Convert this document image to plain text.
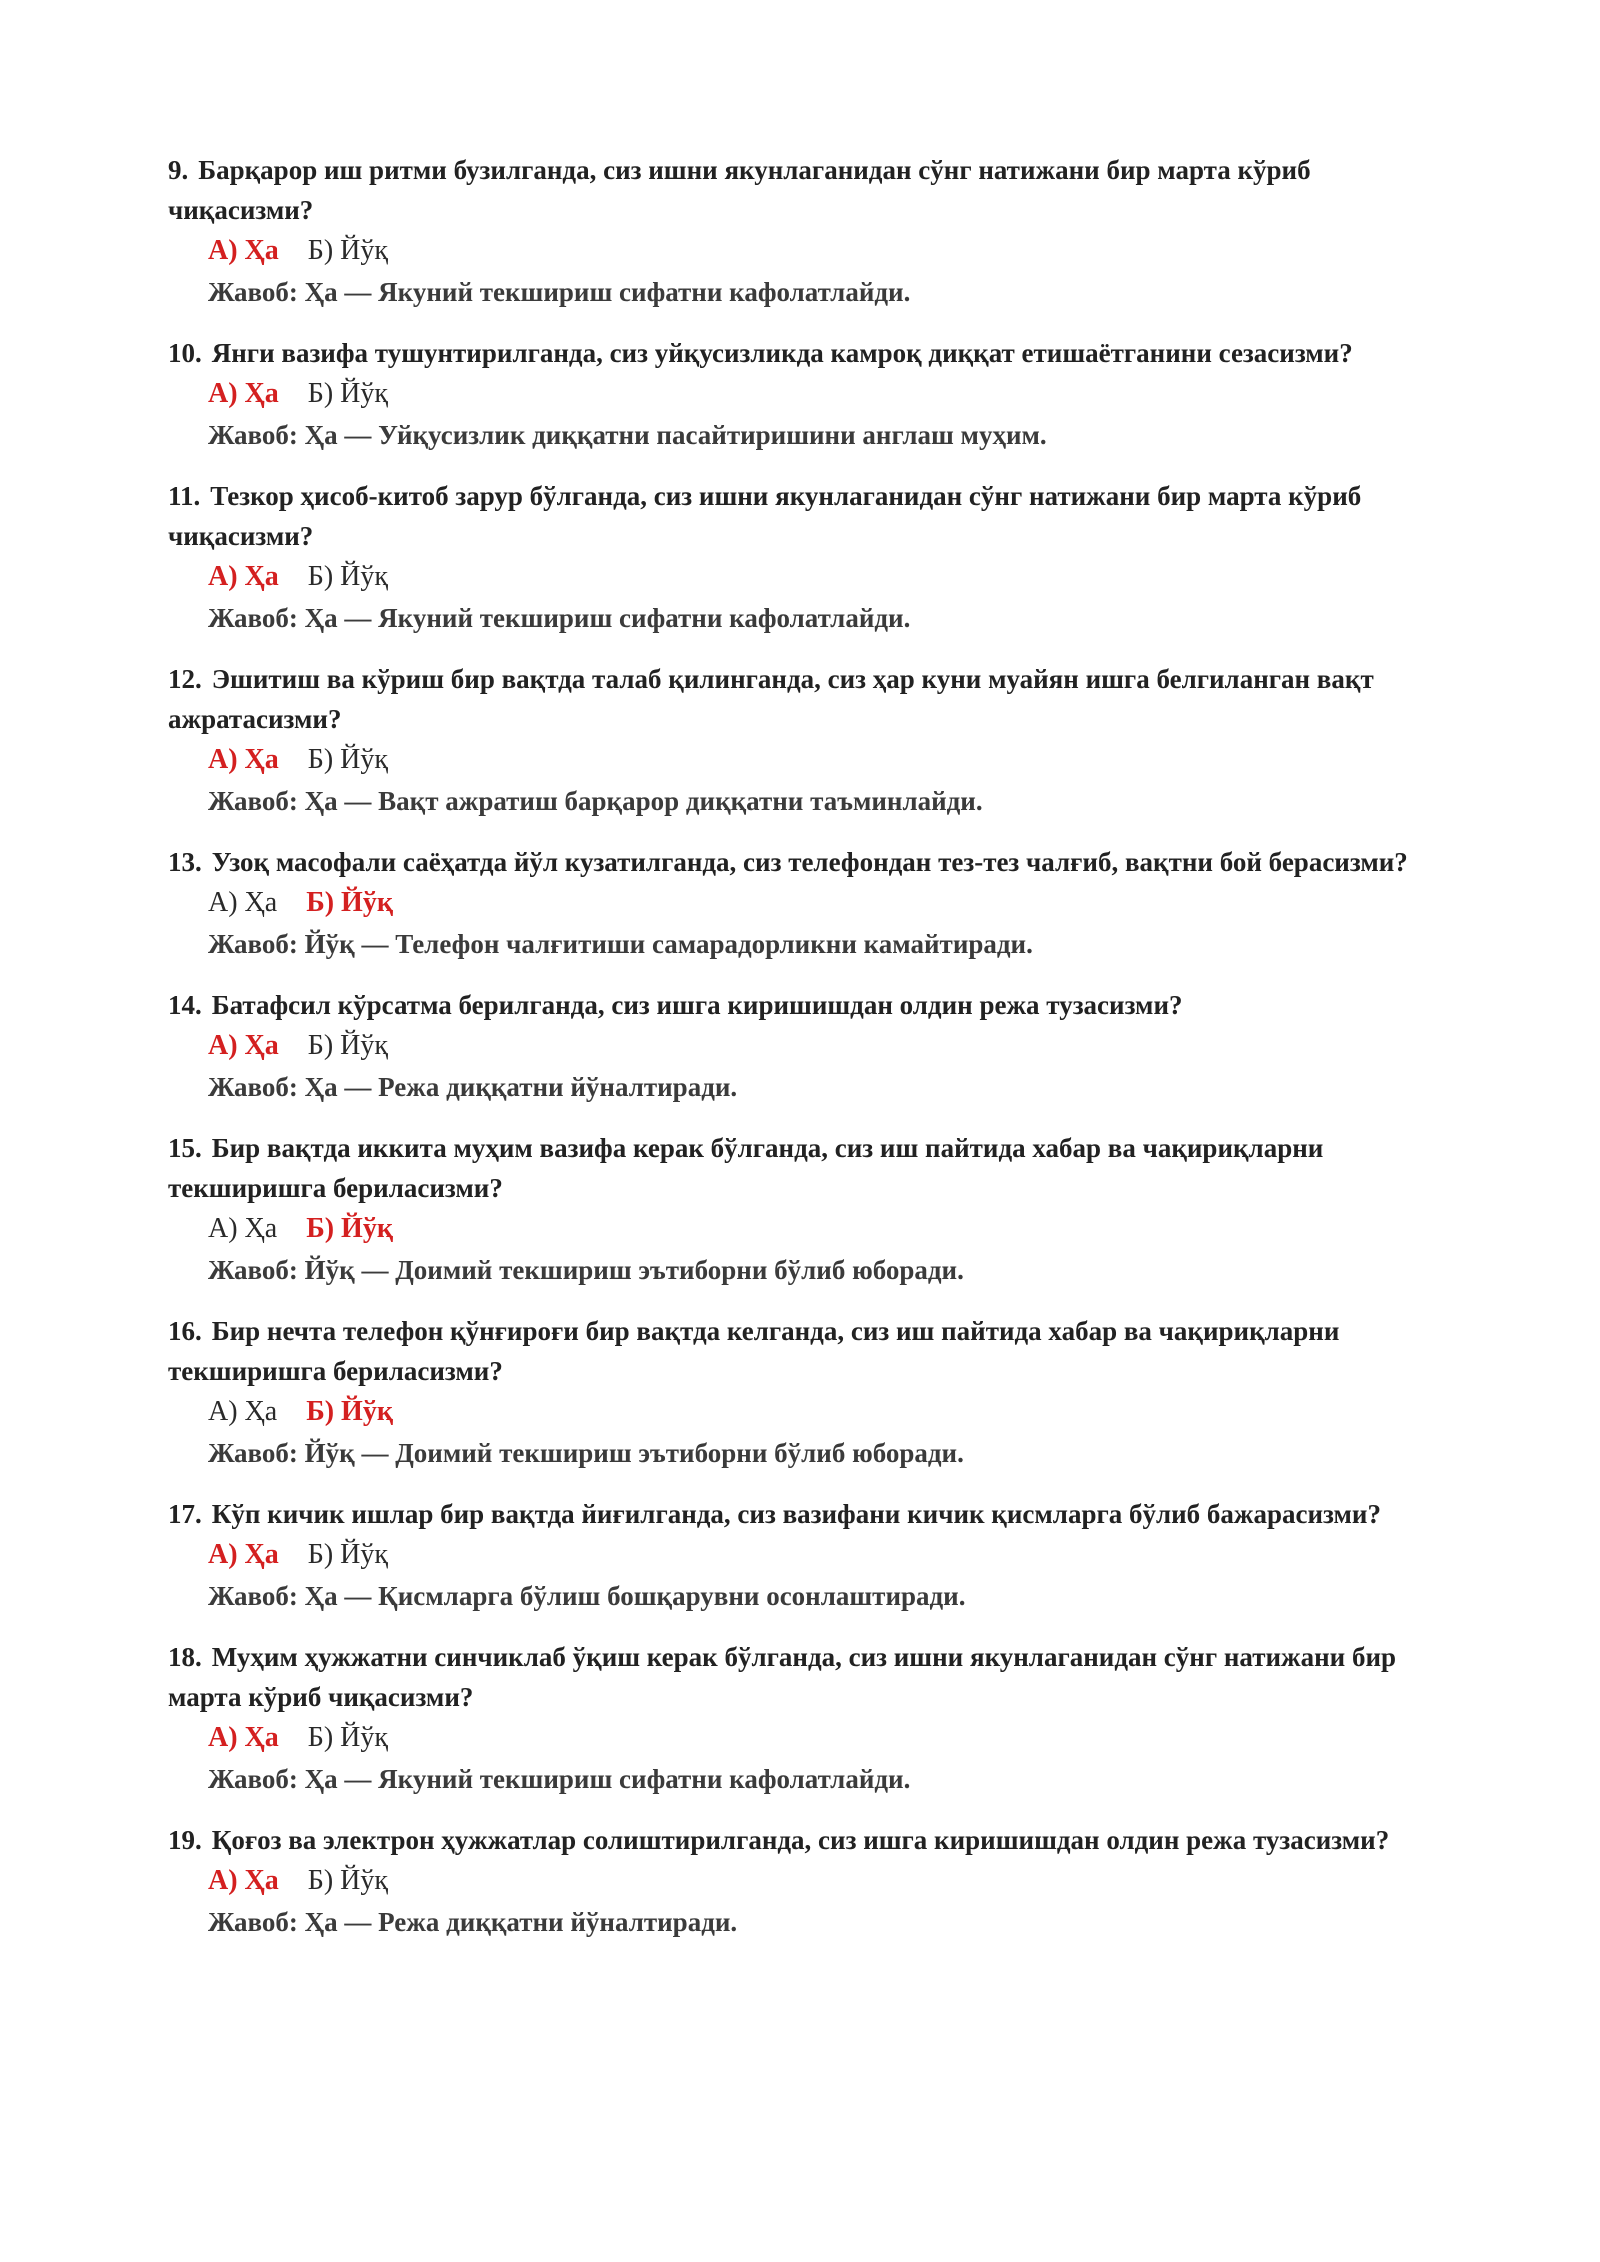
9. Барқарор иш ритми бузилганда, сиз ишни якунлаганидан сўнг натижани бир марта кўриб чиқасизми?
А) Ҳа Б) Йўқ
Жавоб: Ҳа — Якуний текшириш сифатни кафолатлайди.
10. Янги вазифа тушунтирилганда, сиз уйқусизликда камроқ диққат етишаётганини сезасизми?
А) Ҳа Б) Йўқ
Жавоб: Ҳа — Уйқусизлик диққатни пасайтиришини англаш муҳим.
11. Тезкор ҳисоб-китоб зарур бўлганда, сиз ишни якунлаганидан сўнг натижани бир марта кўриб чиқасизми?
А) Ҳа Б) Йўқ
Жавоб: Ҳа — Якуний текшириш сифатни кафолатлайди.
12. Эшитиш ва кўриш бир вақтда талаб қилинганда, сиз ҳар куни муайян ишга белгиланган вақт ажратасизми?
А) Ҳа Б) Йўқ
Жавоб: Ҳа — Вақт ажратиш барқарор диққатни таъминлайди.
13. Узоқ масофали саёҳатда йўл кузатилганда, сиз телефондан тез-тез чалғиб, вақтни бой берасизми?
А) Ҳа Б) Йўқ
Жавоб: Йўқ — Телефон чалғитиши самарадорликни камайтиради.
14. Батафсил кўрсатма берилганда, сиз ишга киришишдан олдин режа тузасизми?
А) Ҳа Б) Йўқ
Жавоб: Ҳа — Режа диққатни йўналтиради.
15. Бир вақтда иккита муҳим вазифа керак бўлганда, сиз иш пайтида хабар ва чақириқларни текширишга бериласизми?
А) Ҳа Б) Йўқ
Жавоб: Йўқ — Доимий текшириш эътиборни бўлиб юборади.
16. Бир нечта телефон қўнғироғи бир вақтда келганда, сиз иш пайтида хабар ва чақириқларни текширишга бериласизми?
А) Ҳа Б) Йўқ
Жавоб: Йўқ — Доимий текшириш эътиборни бўлиб юборади.
17. Кўп кичик ишлар бир вақтда йиғилганда, сиз вазифани кичик қисмларга бўлиб бажарасизми?
А) Ҳа Б) Йўқ
Жавоб: Ҳа — Қисмларга бўлиш бошқарувни осонлаштиради.
18. Муҳим ҳужжатни синчиклаб ўқиш керак бўлганда, сиз ишни якунлаганидан сўнг натижани бир марта кўриб чиқасизми?
А) Ҳа Б) Йўқ
Жавоб: Ҳа — Якуний текшириш сифатни кафолатлайди.
19. Қоғоз ва электрон ҳужжатлар солиштирилганда, сиз ишга киришишдан олдин режа тузасизми?
А) Ҳа Б) Йўқ
Жавоб: Ҳа — Режа диққатни йўналтиради.
